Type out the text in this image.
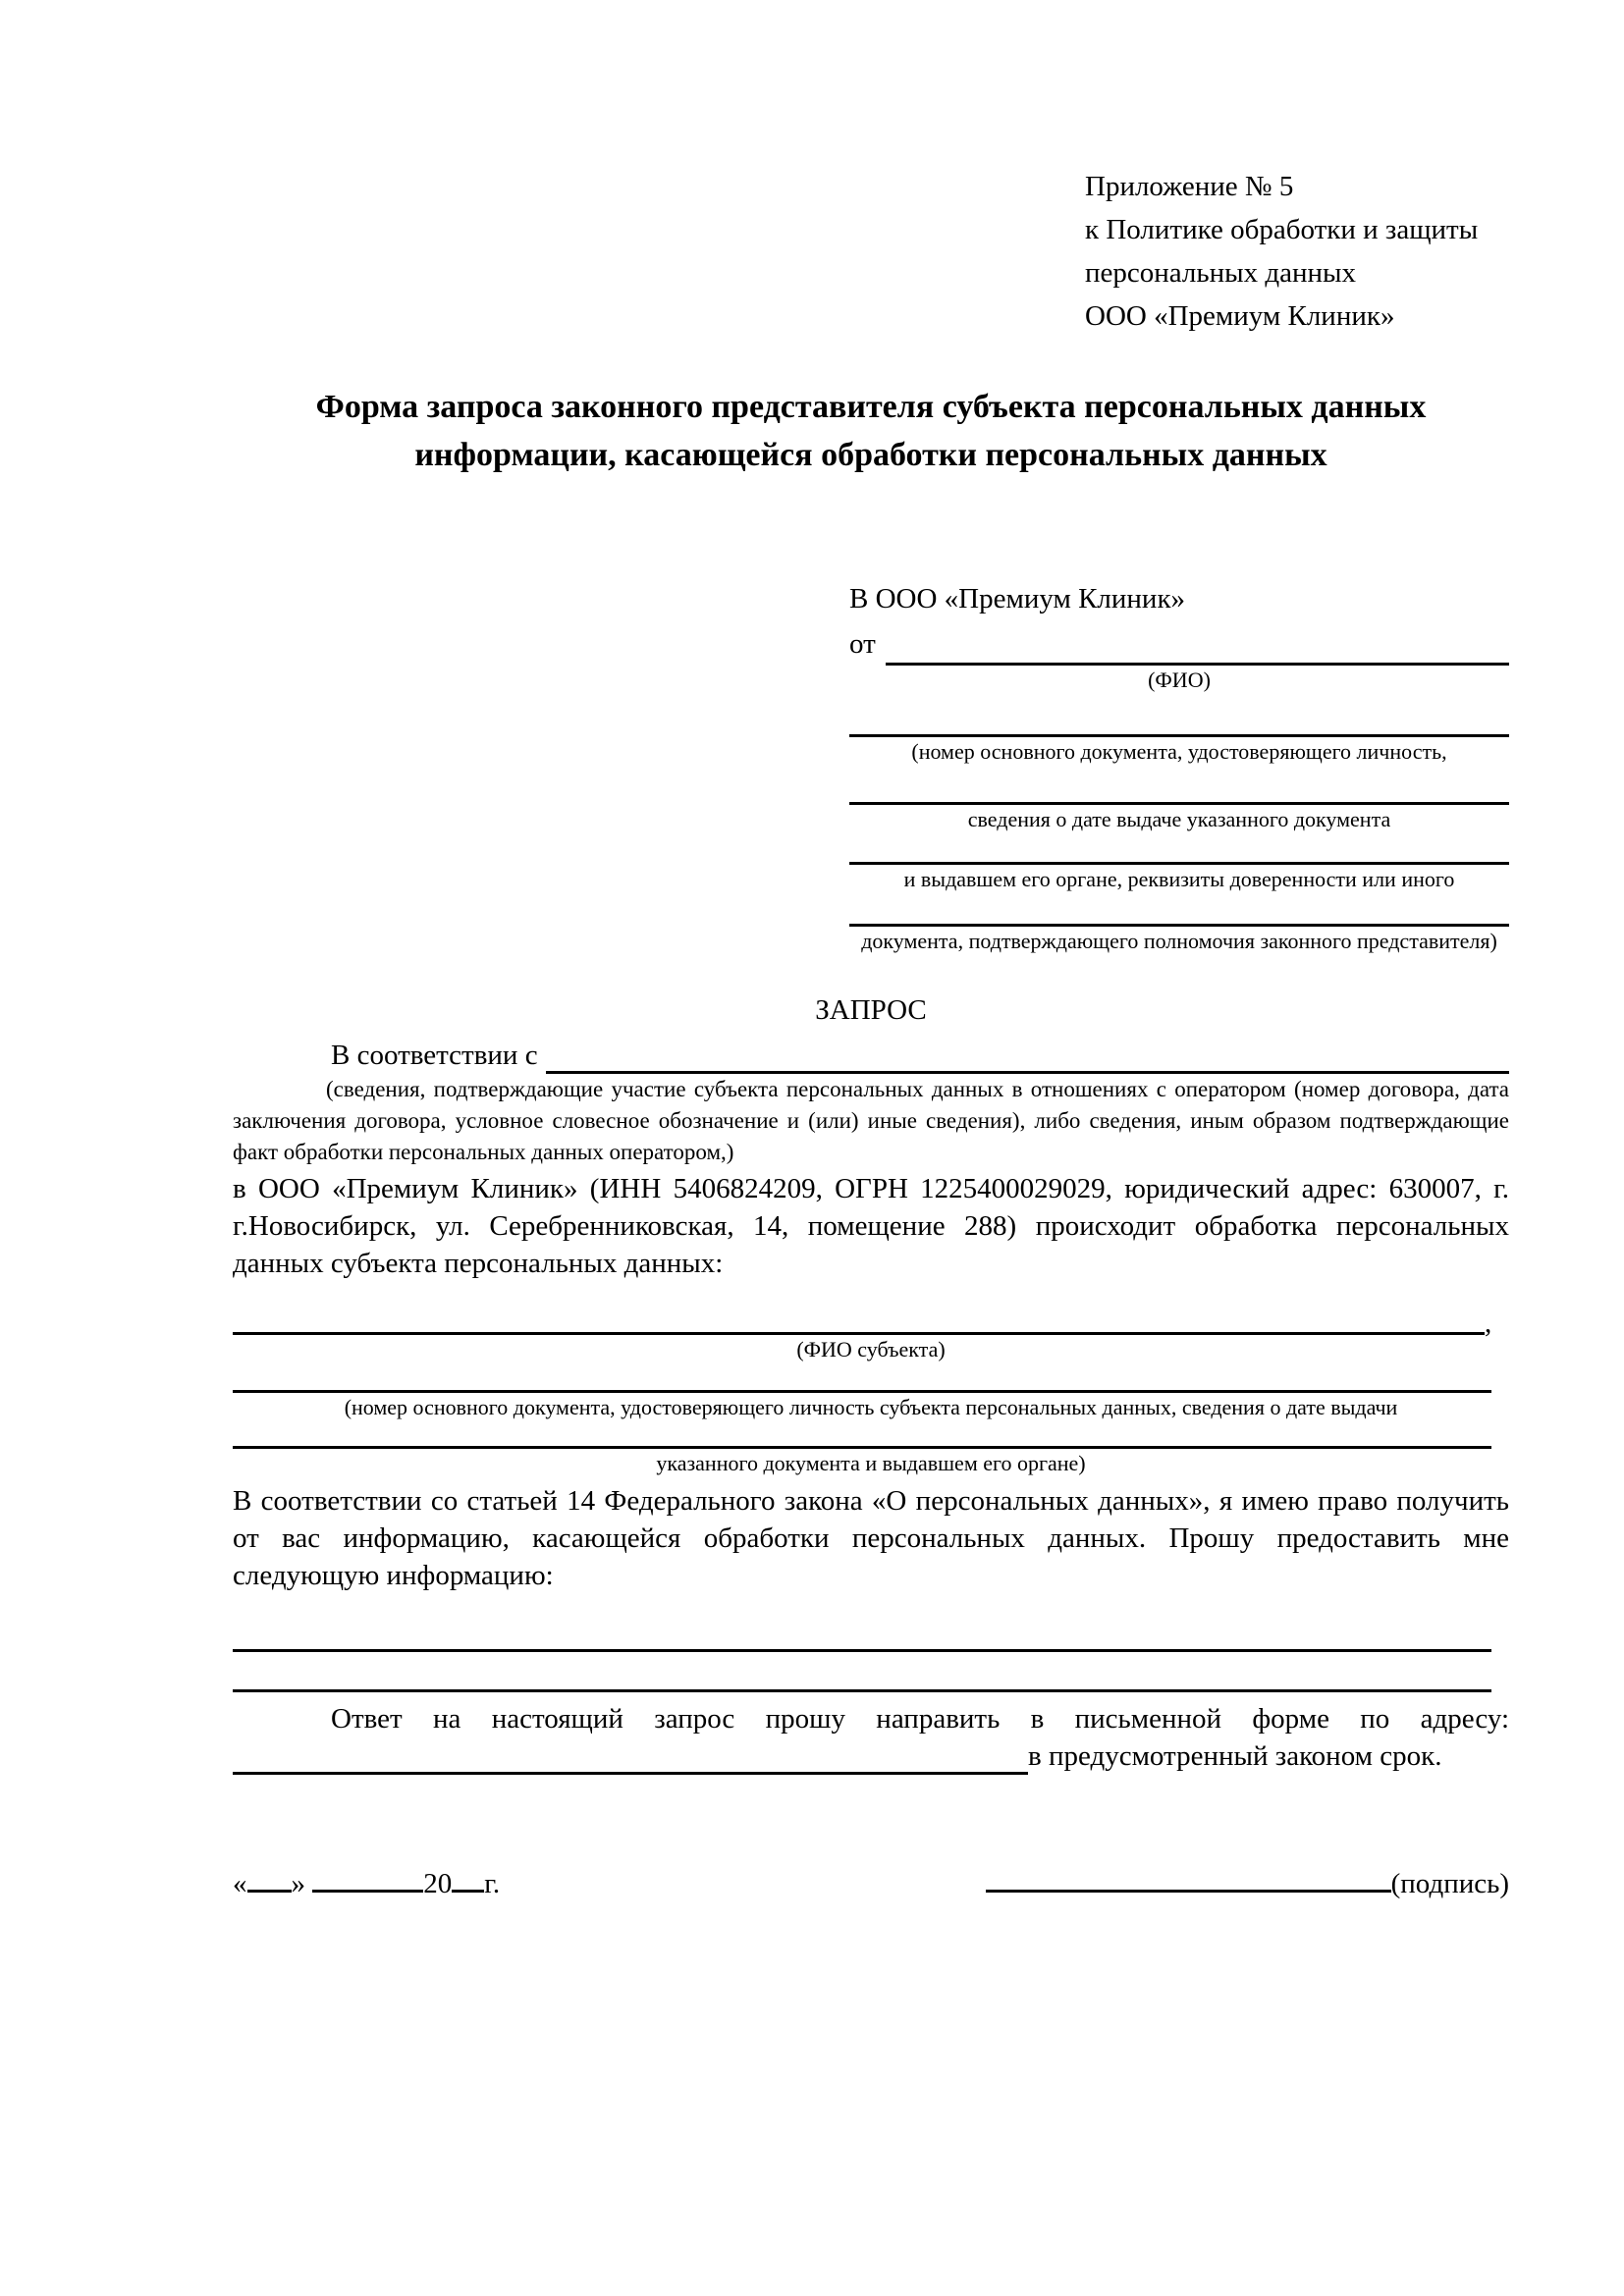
Приложение № 5
к Политике обработки и защиты
персональных данных
ООО «Премиум Клиник»
Форма запроса законного представителя субъекта персональных данных информации, касающейся обработки персональных данных
В ООО «Премиум Клиник»
от
(ФИО)
(номер основного документа, удостоверяющего личность,
сведения о дате выдаче указанного документа
и выдавшем его органе, реквизиты доверенности или иного
документа, подтверждающего полномочия законного представителя)
ЗАПРОС
В соответствии с
(сведения, подтверждающие участие субъекта персональных данных в отношениях с оператором (номер договора, дата заключения договора, условное словесное обозначение и (или) иные сведения), либо сведения, иным образом подтверждающие факт обработки персональных данных оператором,)

в ООО «Премиум Клиник» (ИНН 5406824209, ОГРН 1225400029029, юридический адрес: 630007, г. г.Новосибирск, ул. Серебренниковская, 14, помещение 288) происходит обработка персональных данных субъекта персональных данных:

,
(ФИО субъекта)
(номер основного документа, удостоверяющего личность субъекта персональных данных, сведения о дате выдачи
указанного документа и выдавшем его органе)

В соответствии со статьей 14 Федерального закона «О персональных данных», я имею право получить от вас информацию, касающейся обработки персональных данных. Прошу предоставить мне следующую информацию:

Ответ на настоящий запрос прошу направить в письменной форме по адресу:

в предусмотренный законом срок.
« »	20 г.	(подпись)
